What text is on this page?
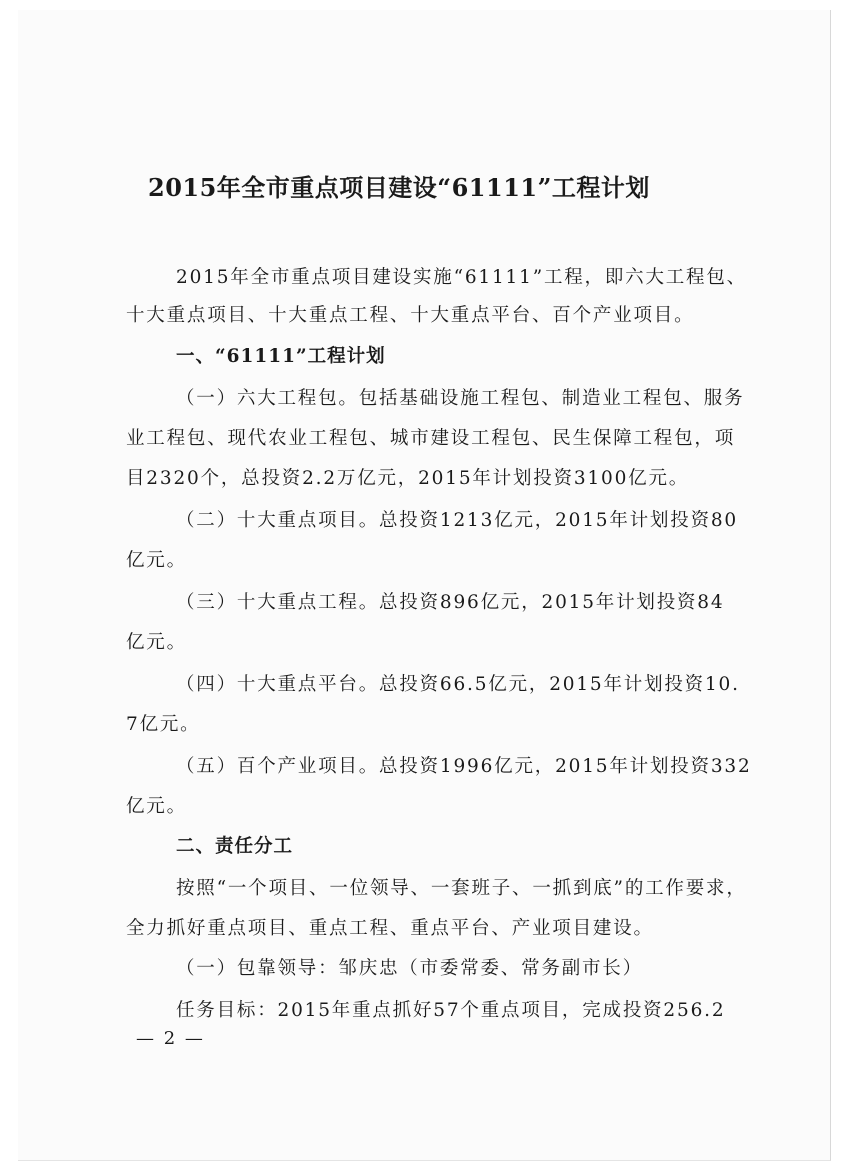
2015年全市重点项目建设“61111”工程计划
2015年全市重点项目建设实施“61111”工程，即六大工程包、
十大重点项目、十大重点工程、十大重点平台、百个产业项目。
一、“61111”工程计划
（一）六大工程包。包括基础设施工程包、制造业工程包、服务
业工程包、现代农业工程包、城市建设工程包、民生保障工程包，项
目2320个，总投资2.2万亿元，2015年计划投资3100亿元。
（二）十大重点项目。总投资1213亿元，2015年计划投资80
亿元。
（三）十大重点工程。总投资896亿元，2015年计划投资84
亿元。
（四）十大重点平台。总投资66.5亿元，2015年计划投资10.
7亿元。
（五）百个产业项目。总投资1996亿元，2015年计划投资332
亿元。
二、责任分工
按照“一个项目、一位领导、一套班子、一抓到底”的工作要求，
全力抓好重点项目、重点工程、重点平台、产业项目建设。
（一）包靠领导：邹庆忠（市委常委、常务副市长）
任务目标：2015年重点抓好57个重点项目，完成投资256.2
— 2 —
